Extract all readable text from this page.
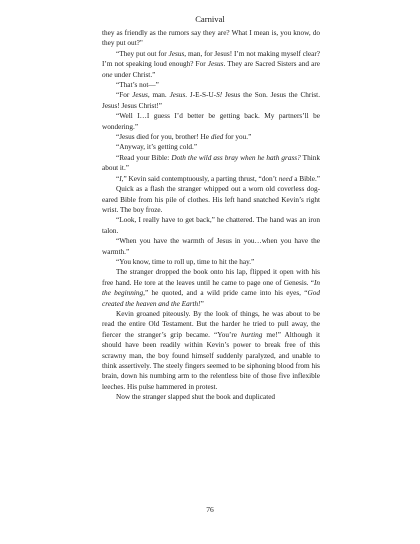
Carnival

they as friendly as the rumors say they are? What I mean is, you know, do they put out?"

“They put out for Jesus, man, for Jesus! I’m not making myself clear? I’m not speaking loud enough? For Jesus. They are Sacred Sisters and are one under Christ.”

“That’s not—”

“For Jesus, man. Jesus. J-E-S-U-S! Jesus the Son. Jesus the Christ. Jesus! Jesus Christ!”

“Well I…I guess I’d better be getting back. My partners’ll be wondering.”

“Jesus died for you, brother! He died for you.”

“Anyway, it’s getting cold.”

“Read your Bible: Doth the wild ass bray when he hath grass? Think about it.”

“I,” Kevin said contemptuously, a parting thrust, “don’t need a Bible.”

Quick as a flash the stranger whipped out a worn old coverless dog-eared Bible from his pile of clothes. His left hand snatched Kevin’s right wrist. The boy froze.

“Look, I really have to get back,” he chattered. The hand was an iron talon.

“When you have the warmth of Jesus in you…when you have the warmth.”

“You know, time to roll up, time to hit the hay.”

The stranger dropped the book onto his lap, flipped it open with his free hand. He tore at the leaves until he came to page one of Genesis. “In the beginning,” he quoted, and a wild pride came into his eyes, “God created the heaven and the Earth!”

Kevin groaned piteously. By the look of things, he was about to be read the entire Old Testament. But the harder he tried to pull away, the fiercer the stranger’s grip became. “You’re hurting me!” Although it should have been readily within Kevin’s power to break free of this scrawny man, the boy found himself suddenly paralyzed, and unable to think assertively. The steely fingers seemed to be siphoning blood from his brain, down his numbing arm to the relentless bite of those five inflexible leeches. His pulse hammered in protest.

Now the stranger slapped shut the book and duplicated

76
